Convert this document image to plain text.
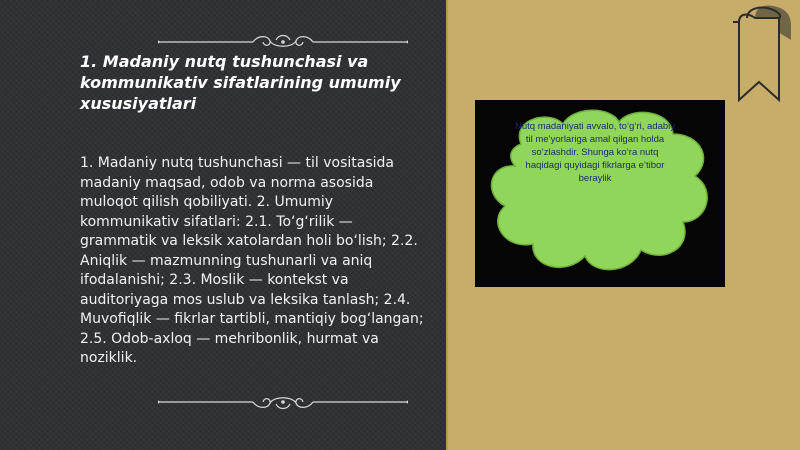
1. Madaniy nutq tushunchasi va kommunikativ sifatlarining umumiy xususiyatlari

1. Madaniy nutq tushunchasi — til vositasida madaniy maqsad, odob va norma asosida muloqot qilish qobiliyati. 2. Umumiy kommunikativ sifatlari: 2.1. To‘g‘rilik — grammatik va leksik xatolardan holi bo‘lish; 2.2. Aniqlik — mazmunning tushunarli va aniq ifodalanishi; 2.3. Moslik — kontekst va auditoriyaga mos uslub va leksika tanlash; 2.4. Muvofiqlik — fikrlar tartibli, mantiqiy bog‘langan; 2.5. Odob-axloq — mehribonlik, hurmat va noziklik.

Nutq madaniyati avvalo, to‘g‘ri, adabiy til me’yorlariga amal qilgan holda so‘zlashdir. Shunga ko‘ra nutq haqidagi quyidagi fikrlarga e’tibor beraylik
